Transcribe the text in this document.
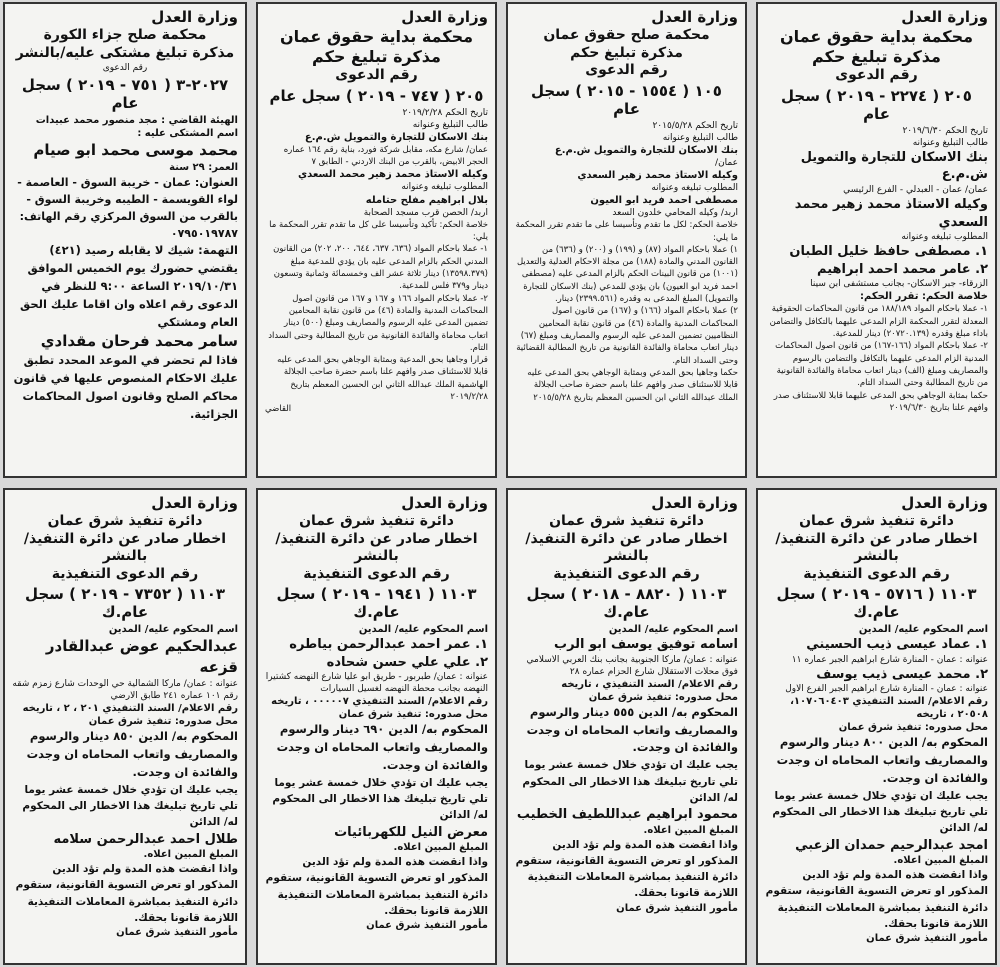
وزارة العدل
محكمة بداية حقوق عمان
مذكرة تبليغ حكم
رقم الدعوى
٢٠٥ ( ٢٢٧٤ - ٢٠١٩ ) سجل عام
تاريخ الحكم ٢٠١٩/٦/٣٠
طالب التبليغ وعنوانه
بنك الاسكان للتجارة والتمويل ش.م.ع
عمان/ عمان - العبدلي - الفرع الرئيسي
وكيله الاستاذ محمد زهير محمد السعدي
المطلوب تبليغه وعنوانه
١. مصطفى حافظ خليل الطبان
٢. عامر محمد احمد ابراهيم
الزرقاء- جبر الاسكان- بجانب مستشفى ابن سينا
خلاصة الحكم: تقرر الحكم:
١- عملا باحكام المواد ١٨٨/١٨٩ من قانون المحاكمات الحقوقية المعدلة لتقرر المحكمة الزام المدعى عليهما بالتكافل والتضامن باداء مبلغ وقدره (٢٠٧٢٠.١٣٩) دينار للمدعية.
٢- عملا باحكام المواد (١٦٦-١٦٧) من قانون اصول المحاكمات المدنية الزام المدعى عليهما بالتكافل والتضامن بالرسوم والمصاريف ومبلغ (الف) دينار اتعاب محاماة والفائدة القانونية من تاريخ المطالبة وحتى السداد التام.
حكما بمثابة الوجاهي بحق المدعى عليهما قابلا للاستئناف صدر وافهم علنا بتاريخ ٢٠١٩/٦/٣٠
وزارة العدل
محكمة صلح حقوق عمان
مذكرة تبليغ حكم
رقم الدعوى
١٠٥ ( ١٥٥٤ - ٢٠١٥ ) سجل عام
تاريخ الحكم ٢٠١٥/٥/٢٨
طالب التبليغ وعنوانه
بنك الاسكان للتجارة والتمويل ش.م.ع
عمان/
وكيله الاستاذ محمد زهير السعدي
المطلوب تبليغه وعنوانه
مصطفى احمد فريد ابو العيون
اربد/ وكيله المحامي خلدون السعد
خلاصة الحكم: لكل ما تقدم وتأسيسا على ما تقدم تقرر المحكمة ما يلي:
١) عملا باحكام المواد (٨٧) و (١٩٩) و (٢٠٠) و (٦٣٦) من القانون المدني والمادة (١٨٨) من مجلة الاحكام العدلية والتعديل (١٠٠١) من قانون البينات الحكم بالزام المدعى عليه (مصطفى احمد فريد ابو العيون) بان يؤدي للمدعي (بنك الاسكان للتجارة والتمويل) المبلغ المدعى به وقدره (٢٣٩٩.٥٦١) دينار.
٢) عملا باحكام المواد (١٦٦) و (١٦٧) من قانون اصول المحاكمات المدنية والمادة (٤٦) من قانون نقابة المحامين النظاميين تضمين المدعى عليه الرسوم والمصاريف ومبلغ (٦٧) دينار اتعاب محاماة والفائدة القانونية من تاريخ المطالبة القضائية وحتى السداد التام.
حكما وجاهيا بحق المدعي وبمثابة الوجاهي بحق المدعى عليه قابلا للاستئناف صدر وافهم علنا باسم حضرة صاحب الجلالة الملك عبدالله الثاني ابن الحسين المعظم بتاريخ ٢٠١٥/٥/٢٨
وزارة العدل
محكمة بداية حقوق عمان
مذكرة تبليغ حكم
رقم الدعوى
٢٠٥ ( ٧٤٧ - ٢٠١٩ ) سجل عام
تاريخ الحكم ٢٠١٩/٢/٢٨
طالب التبليغ وعنوانه
بنك الاسكان للتجارة والتمويل ش.م.ع
عمان/ شارع مكه، مقابل شركة فورد، بناية رقم ١٦٤ عماره الحجر الابيض، بالقرب من البنك الاردني - الطابق ٧
وكيله الاستاذ محمد زهير محمد السعدي
المطلوب تبليغه وعنوانه
بلال ابراهيم مفلح حتامله
اربد/ الحصن قرب مسجد الصحابة
خلاصة الحكم: تأكيد وتأسيسا على كل ما تقدم تقرر المحكمة ما يلي:
١- عملا باحكام المواد (٦٣٦، ٦٣٧، ٦٤٤، ٢٠٠، ٢٠٢) من القانون المدني الحكم بالزام المدعى عليه بان يؤدي للمدعية مبلغ (١٣٥٩٨.٣٧٩) دينار ثلاثة عشر الف وخمسمائة وثمانية وتسعون دينار و٣٧٩ فلس للمدعية.
٢- عملا باحكام المواد ١٦٦ و ١٦٧ و ١٦٧ من قانون اصول المحاكمات المدنية والمادة (٤٦) من قانون نقابة المحامين تضمين المدعى عليه الرسوم والمصاريف ومبلغ (٥٠٠) دينار اتعاب محاماة والفائدة القانونية من تاريخ المطالبة وحتى السداد التام.
قرارا وجاهيا بحق المدعية وبمثابة الوجاهي بحق المدعى عليه قابلا للاستئناف صدر وافهم علنا باسم حضرة صاحب الجلالة الهاشمية الملك عبدالله الثاني ابن الحسين المعظم بتاريخ ٢٠١٩/٢/٢٨
القاضي
وزارة العدل
محكمة صلح جزاء الكورة
مذكرة تبليغ مشتكى عليه/بالنشر
رقم الدعوى
٢٠٢٧-٣ ( ٧٥١ - ٢٠١٩ ) سجل عام
الهيئة القاضي : مجد منصور محمد عبيدات
اسم المشتكى عليه :
محمد موسى محمد ابو صيام
العمر: ٢٩ سنة
العنوان: عمان - خريبة السوق - العاصمة - لواء القويسمة - الطيبه وخريبة السوق - بالقرب من السوق المركزي رقم الهاتف: ٠٧٩٥٠١٩٧٨٧
التهمة: شيك لا يقابله رصيد (٤٢١)
يقتضي حضورك يوم الخميس الموافق ٢٠١٩/١٠/٣١ الساعة ٩:٠٠ للنظر في الدعوى رقم اعلاه وان اقاما عليك الحق العام ومشتكي
سامر محمد فرحان مقدادي
فاذا لم تحضر في الموعد المحدد تطبق عليك الاحكام المنصوص عليها في قانون محاكم الصلح وقانون اصول المحاكمات الجزائية.
وزارة العدل
دائرة تنفيذ شرق عمان
اخطار صادر عن دائرة التنفيذ/بالنشر
رقم الدعوى التنفيذية
١١٠٣ ( ٥٧١٦ - ٢٠١٩ ) سجل عام.ك
اسم المحكوم عليه/ المدين
١. عماد عيسى ذيب الحسيني
عنوانه : عمان - المنارة شارع ابراهيم الجبر عماره ١١
٢. محمد عيسى ذيب يوسف
عنوانه : عمان - المنارة شارع ابراهيم الجبر الفرع الاول
رقم الاعلام/ السند التنفيذي ١٠٧٠٦٠٤٠٣، ٢٠٥٠٨ ، تاريخه
محل صدوره: تنفيذ شرق عمان
المحكوم به/ الدين ٨٠٠ دينار والرسوم والمصاريف واتعاب المحاماه ان وجدت والفائدة ان وجدت.
يجب عليك ان تؤدي خلال خمسة عشر يوما تلي تاريخ تبليغك هذا الاخطار الى المحكوم له/ الدائن
امجد عبدالرحيم حمدان الزعبي
المبلغ المبين اعلاه.
واذا انقضت هذه المدة ولم تؤد الدين المذكور او تعرض التسوية القانونية، ستقوم دائرة التنفيذ بمباشرة المعاملات التنفيذية اللازمة قانونا بحقك.
مأمور التنفيذ شرق عمان
وزارة العدل
دائرة تنفيذ شرق عمان
اخطار صادر عن دائرة التنفيذ/بالنشر
رقم الدعوى التنفيذية
١١٠٣ ( ٨٨٢٠ - ٢٠١٨ ) سجل عام.ك
اسم المحكوم عليه/ المدين
اسامه توفيق يوسف ابو الرب
عنوانه : عمان/ ماركا الجنوبية بجانب بنك العربي الاسلامي فوق محلات الاستقلال شارع الحزام عماره ٢٨
رقم الاعلام/ السند التنفيذي ، تاريخه
محل صدوره: تنفيذ شرق عمان
المحكوم به/ الدين ٥٥٥ دينار والرسوم والمصاريف واتعاب المحاماه ان وجدت والفائدة ان وجدت.
يجب عليك ان تؤدي خلال خمسة عشر يوما تلي تاريخ تبليغك هذا الاخطار الى المحكوم له/ الدائن
محمود ابراهيم عبداللطيف الخطيب
المبلغ المبين اعلاه.
واذا انقضت هذه المدة ولم تؤد الدين المذكور او تعرض التسوية القانونية، ستقوم دائرة التنفيذ بمباشرة المعاملات التنفيذية اللازمة قانونا بحقك.
مأمور التنفيذ شرق عمان
وزارة العدل
دائرة تنفيذ شرق عمان
اخطار صادر عن دائرة التنفيذ/بالنشر
رقم الدعوى التنفيذية
١١٠٣ ( ١٩٤١ - ٢٠١٩ ) سجل عام.ك
اسم المحكوم عليه/ المدين
١. عمر احمد عبدالرحمن بياطره
٢. علي علي حسن شحاده
عنوانه : عمان/ طبربور - طريق ابو عليا شارع النهضه كشتيرا النهضه بجانب محطة النهضه لغسيل السيارات
رقم الاعلام/ السند التنفيذي ٠٠٠٠٠٧ ، تاريخه
محل صدوره: تنفيذ شرق عمان
المحكوم به/ الدين ٦٩٠ دينار والرسوم والمصاريف واتعاب المحاماه ان وجدت والفائدة ان وجدت.
يجب عليك ان تؤدي خلال خمسة عشر يوما تلي تاريخ تبليغك هذا الاخطار الى المحكوم له/ الدائن
معرض النيل للكهربائيات
المبلغ المبين اعلاه.
واذا انقضت هذه المدة ولم تؤد الدين المذكور او تعرض التسوية القانونية، ستقوم دائرة التنفيذ بمباشرة المعاملات التنفيذية اللازمة قانونا بحقك.
مأمور التنفيذ شرق عمان
وزارة العدل
دائرة تنفيذ شرق عمان
اخطار صادر عن دائرة التنفيذ/بالنشر
رقم الدعوى التنفيذية
١١٠٣ ( ٧٣٥٢ - ٢٠١٩ ) سجل عام.ك
اسم المحكوم عليه/ المدين
عبدالحكيم عوض عبدالقادر قزعه
عنوانه : عمان/ ماركا الشمالية حي الوحدات شارع زمزم شقه رقم ١٠١ عماره ٢٤١ طابق الارضي
رقم الاعلام/ السند التنفيذي ٢٠١ ، ٢ ، تاريخه
محل صدوره: تنفيذ شرق عمان
المحكوم به/ الدين ٨٥٠ دينار والرسوم والمصاريف واتعاب المحاماه ان وجدت والفائدة ان وجدت.
يجب عليك ان تؤدي خلال خمسة عشر يوما تلي تاريخ تبليغك هذا الاخطار الى المحكوم له/ الدائن
طلال احمد عبدالرحمن سلامه
المبلغ المبين اعلاه.
واذا انقضت هذه المدة ولم تؤد الدين المذكور او تعرض التسوية القانونية، ستقوم دائرة التنفيذ بمباشرة المعاملات التنفيذية اللازمة قانونا بحقك.
مأمور التنفيذ شرق عمان
